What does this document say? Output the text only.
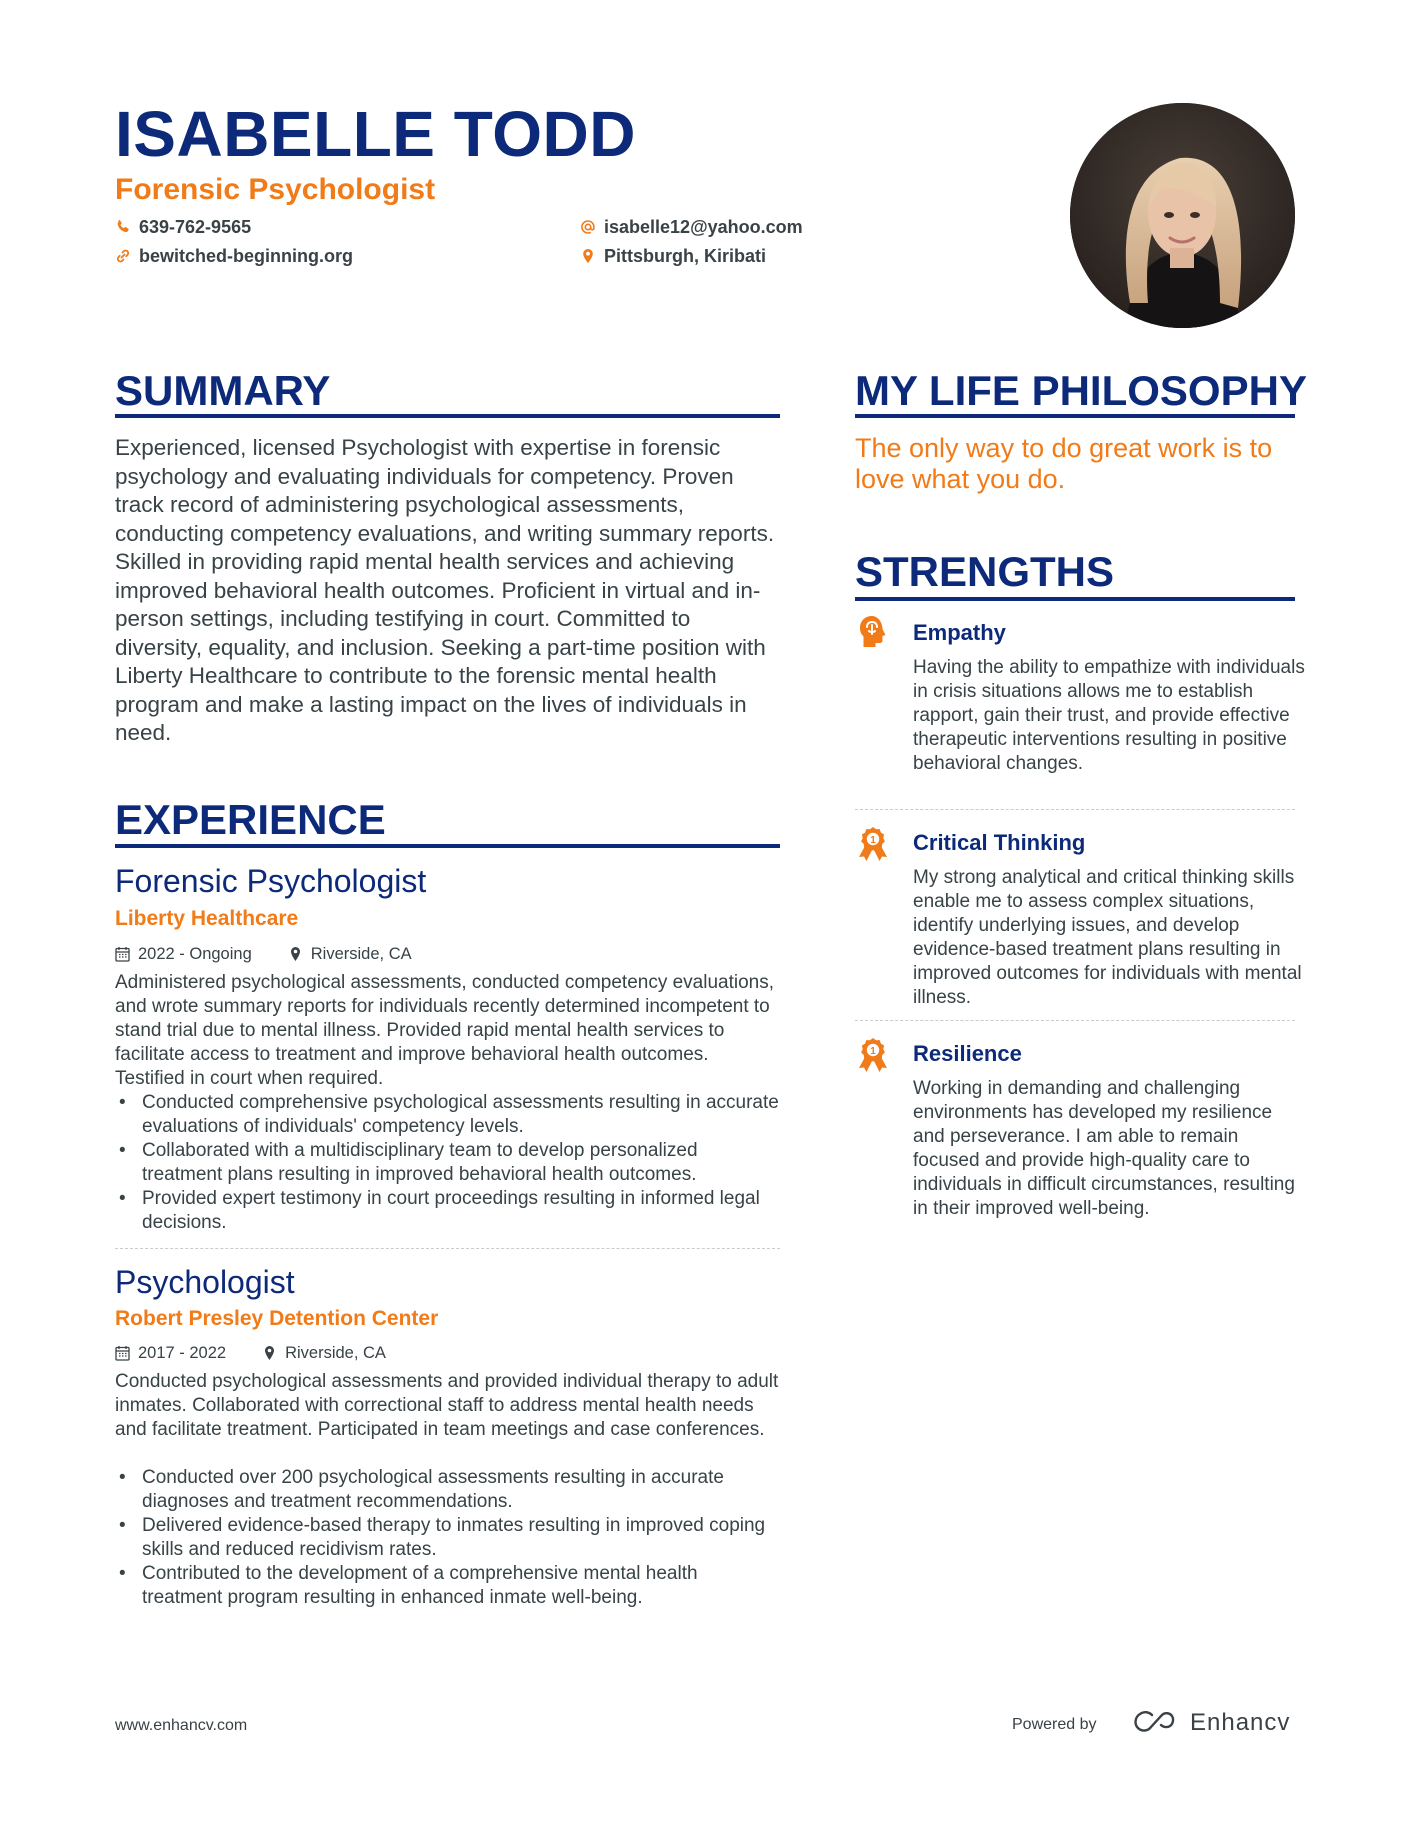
ISABELLE TODD
Forensic Psychologist
639-762-9565
bewitched-beginning.org
isabelle12@yahoo.com
Pittsburgh, Kiribati
SUMMARY
Experienced, licensed Psychologist with expertise in forensic psychology and evaluating individuals for competency. Proven track record of administering psychological assessments, conducting competency evaluations, and writing summary reports. Skilled in providing rapid mental health services and achieving improved behavioral health outcomes. Proficient in virtual and in-person settings, including testifying in court. Committed to diversity, equality, and inclusion. Seeking a part-time position with Liberty Healthcare to contribute to the forensic mental health program and make a lasting impact on the lives of individuals in need.
EXPERIENCE
Forensic Psychologist
Liberty Healthcare
2022 - Ongoing	Riverside, CA
Administered psychological assessments, conducted competency evaluations, and wrote summary reports for individuals recently determined incompetent to stand trial due to mental illness. Provided rapid mental health services to facilitate access to treatment and improve behavioral health outcomes. Testified in court when required.
• Conducted comprehensive psychological assessments resulting in accurate evaluations of individuals' competency levels.
• Collaborated with a multidisciplinary team to develop personalized treatment plans resulting in improved behavioral health outcomes.
• Provided expert testimony in court proceedings resulting in informed legal decisions.
Psychologist
Robert Presley Detention Center
2017 - 2022	Riverside, CA
Conducted psychological assessments and provided individual therapy to adult inmates. Collaborated with correctional staff to address mental health needs and facilitate treatment. Participated in team meetings and case conferences.
• Conducted over 200 psychological assessments resulting in accurate diagnoses and treatment recommendations.
• Delivered evidence-based therapy to inmates resulting in improved coping skills and reduced recidivism rates.
• Contributed to the development of a comprehensive mental health treatment program resulting in enhanced inmate well-being.
MY LIFE PHILOSOPHY
The only way to do great work is to love what you do.
STRENGTHS
Empathy
Having the ability to empathize with individuals in crisis situations allows me to establish rapport, gain their trust, and provide effective therapeutic interventions resulting in positive behavioral changes.
1 Critical Thinking
My strong analytical and critical thinking skills enable me to assess complex situations, identify underlying issues, and develop evidence-based treatment plans resulting in improved outcomes for individuals with mental illness.
1 Resilience
Working in demanding and challenging environments has developed my resilience and perseverance. I am able to remain focused and provide high-quality care to individuals in difficult circumstances, resulting in their improved well-being.
www.enhancv.com	Powered by	Enhancv
